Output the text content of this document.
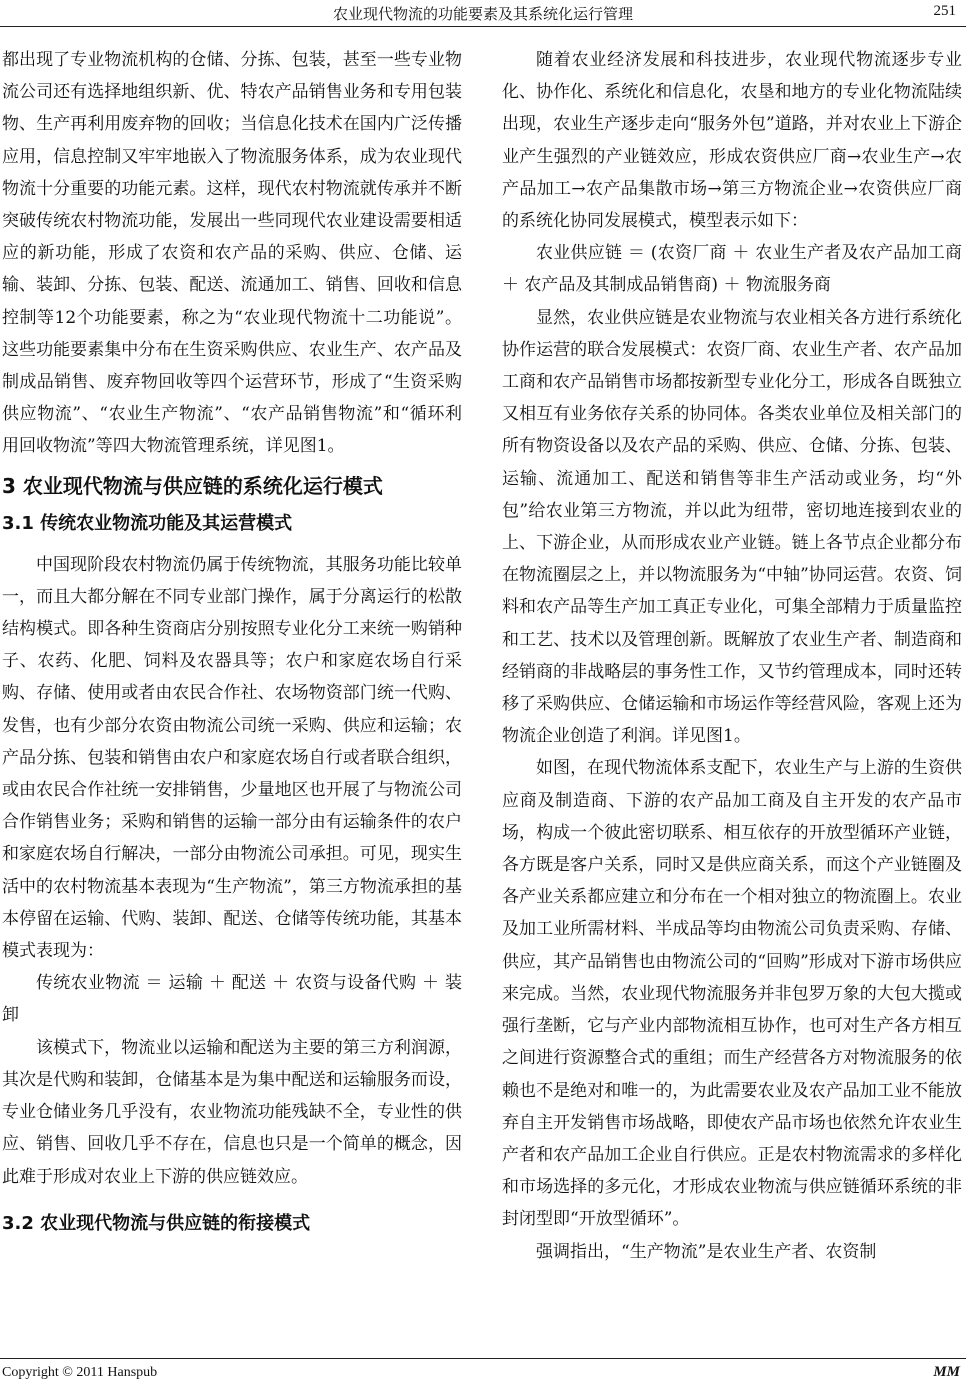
农业现代物流的功能要素及其系统化运行管理	251

都出现了专业物流机构的仓储、分拣、包装，甚至一些专业物流公司还有选择地组织新、优、特农产品销售业务和专用包装物、生产再利用废弃物的回收；当信息化技术在国内广泛传播应用，信息控制又牢牢地嵌入了物流服务体系，成为农业现代物流十分重要的功能元素。这样，现代农村物流就传承并不断突破传统农村物流功能，发展出一些同现代农业建设需要相适应的新功能，形成了农资和农产品的采购、供应、仓储、运输、装卸、分拣、包装、配送、流通加工、销售、回收和信息控制等12个功能要素，称之为“农业现代物流十二功能说”。这些功能要素集中分布在生资采购供应、农业生产、农产品及制成品销售、废弃物回收等四个运营环节，形成了“生资采购供应物流”、“农业生产物流”、“农产品销售物流”和“循环利用回收物流”等四大物流管理系统，详见图1。

3 农业现代物流与供应链的系统化运行模式
3.1 传统农业物流功能及其运营模式

中国现阶段农村物流仍属于传统物流，其服务功能比较单一，而且大都分解在不同专业部门操作，属于分离运行的松散结构模式。即各种生资商店分别按照专业化分工来统一购销种子、农药、化肥、饲料及农器具等；农户和家庭农场自行采购、存储、使用或者由农民合作社、农场物资部门统一代购、发售，也有少部分农资由物流公司统一采购、供应和运输；农产品分拣、包装和销售由农户和家庭农场自行或者联合组织，或由农民合作社统一安排销售，少量地区也开展了与物流公司合作销售业务；采购和销售的运输一部分由有运输条件的农户和家庭农场自行解决，一部分由物流公司承担。可见，现实生活中的农村物流基本表现为“生产物流”，第三方物流承担的基本停留在运输、代购、装卸、配送、仓储等传统功能，其基本模式表现为：

传统农业物流 ＝ 运输 ＋ 配送 ＋ 农资与设备代购 ＋ 装卸

该模式下，物流业以运输和配送为主要的第三方利润源，其次是代购和装卸，仓储基本是为集中配送和运输服务而设，专业仓储业务几乎没有，农业物流功能残缺不全，专业性的供应、销售、回收几乎不存在，信息也只是一个简单的概念，因此难于形成对农业上下游的供应链效应。

3.2 农业现代物流与供应链的衔接模式

随着农业经济发展和科技进步，农业现代物流逐步专业化、协作化、系统化和信息化，农垦和地方的专业化物流陆续出现，农业生产逐步走向“服务外包”道路，并对农业上下游企业产生强烈的产业链效应，形成农资供应厂商→农业生产→农产品加工→农产品集散市场→第三方物流企业→农资供应厂商的系统化协同发展模式，模型表示如下：

农业供应链 ＝ (农资厂商 ＋ 农业生产者及农产品加工商 ＋ 农产品及其制成品销售商) ＋ 物流服务商

显然，农业供应链是农业物流与农业相关各方进行系统化协作运营的联合发展模式：农资厂商、农业生产者、农产品加工商和农产品销售市场都按新型专业化分工，形成各自既独立又相互有业务依存关系的协同体。各类农业单位及相关部门的所有物资设备以及农产品的采购、供应、仓储、分拣、包装、运输、流通加工、配送和销售等非生产活动或业务，均“外包”给农业第三方物流，并以此为纽带，密切地连接到农业的上、下游企业，从而形成农业产业链。链上各节点企业都分布在物流圈层之上，并以物流服务为“中轴”协同运营。农资、饲料和农产品等生产加工真正专业化，可集全部精力于质量监控和工艺、技术以及管理创新。既解放了农业生产者、制造商和经销商的非战略层的事务性工作，又节约管理成本，同时还转移了采购供应、仓储运输和市场运作等经营风险，客观上还为物流企业创造了利润。详见图1。

如图，在现代物流体系支配下，农业生产与上游的生资供应商及制造商、下游的农产品加工商及自主开发的农产品市场，构成一个彼此密切联系、相互依存的开放型循环产业链，各方既是客户关系，同时又是供应商关系，而这个产业链圈及各产业关系都应建立和分布在一个相对独立的物流圈上。农业及加工业所需材料、半成品等均由物流公司负责采购、存储、供应，其产品销售也由物流公司的“回购”形成对下游市场供应来完成。当然，农业现代物流服务并非包罗万象的大包大揽或强行垄断，它与产业内部物流相互协作，也可对生产各方相互之间进行资源整合式的重组；而生产经营各方对物流服务的依赖也不是绝对和唯一的，为此需要农业及农产品加工业不能放弃自主开发销售市场战略，即使农产品市场也依然允许农业生产者和农产品加工企业自行供应。正是农村物流需求的多样化和市场选择的多元化，才形成农业物流与供应链循环系统的非封闭型即“开放型循环”。

强调指出，“生产物流”是农业生产者、农资制

Copyright © 2011 Hanspub	MM
